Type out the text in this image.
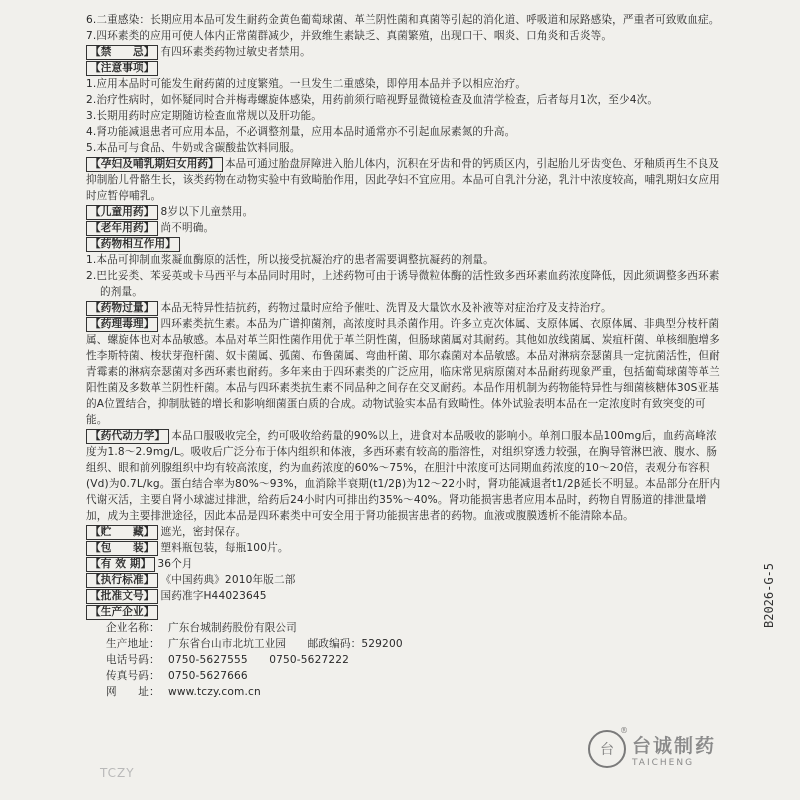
6.二重感染：长期应用本品可发生耐药金黄色葡萄球菌、革兰阴性菌和真菌等引起的消化道、呼吸道和尿路感染，严重者可致败血症。

7.四环素类的应用可使人体内正常菌群减少，并致维生素缺乏、真菌繁殖，出现口干、咽炎、口角炎和舌炎等。

【禁　　忌】 有四环素类药物过敏史者禁用。

【注意事项】

1.应用本品时可能发生耐药菌的过度繁殖。一旦发生二重感染，即停用本品并予以相应治疗。

2.治疗性病时，如怀疑同时合并梅毒螺旋体感染，用药前须行暗视野显微镜检查及血清学检查，后者每月1次，至少4次。

3.长期用药时应定期随访检查血常规以及肝功能。

4.肾功能减退患者可应用本品，不必调整剂量，应用本品时通常亦不引起血尿素氮的升高。

5.本品可与食品、牛奶或含碳酸盐饮料同服。

【孕妇及哺乳期妇女用药】 本品可通过胎盘屏障进入胎儿体内，沉积在牙齿和骨的钙质区内，引起胎儿牙齿变色、牙釉质再生不良及抑制胎儿骨骼生长，该类药物在动物实验中有致畸胎作用，因此孕妇不宜应用。本品可自乳汁分泌，乳汁中浓度较高，哺乳期妇女应用时应暂停哺乳。

【儿童用药】 8岁以下儿童禁用。

【老年用药】 尚不明确。

【药物相互作用】

1.本品可抑制血浆凝血酶原的活性，所以接受抗凝治疗的患者需要调整抗凝药的剂量。

2.巴比妥类、苯妥英或卡马西平与本品同时用时，上述药物可由于诱导微粒体酶的活性致多西环素血药浓度降低，因此须调整多西环素的剂量。

【药物过量】 本品无特异性拮抗药，药物过量时应给予催吐、洗胃及大量饮水及补液等对症治疗及支持治疗。

【药理毒理】 四环素类抗生素。本品为广谱抑菌剂，高浓度时具杀菌作用。许多立克次体属、支原体属、衣原体属、非典型分枝杆菌属、螺旋体也对本品敏感。本品对革兰阳性菌作用优于革兰阴性菌，但肠球菌属对其耐药。其他如放线菌属、炭疽杆菌、单核细胞增多性李斯特菌、梭状芽孢杆菌、奴卡菌属、弧菌、布鲁菌属、弯曲杆菌、耶尔森菌对本品敏感。本品对淋病奈瑟菌具一定抗菌活性，但耐青霉素的淋病奈瑟菌对多西环素也耐药。多年来由于四环素类的广泛应用，临床常见病原菌对本品耐药现象严重，包括葡萄球菌等革兰阳性菌及多数革兰阴性杆菌。本品与四环素类抗生素不同品种之间存在交叉耐药。本品作用机制为药物能特异性与细菌核糖体30S亚基的A位置结合，抑制肽链的增长和影响细菌蛋白质的合成。动物试验实本品有致畸性。体外试验表明本品在一定浓度时有致突变的可能。

【药代动力学】 本品口服吸收完全，约可吸收给药量的90%以上，进食对本品吸收的影响小。单剂口服本品100mg后，血药高峰浓度为1.8～2.9mg/L。吸收后广泛分布于体内组织和体液，多西环素有较高的脂溶性，对组织穿透力较强，在胸导管淋巴液、腹水、肠组织、眼和前列腺组织中均有较高浓度，约为血药浓度的60%～75%，在胆汁中浓度可达同期血药浓度的10～20倍，表观分布容积(Vd)为0.7L/kg。蛋白结合率为80%～93%，血消除半衰期(t1/2β)为12～22小时，肾功能减退者t1/2β延长不明显。本品部分在肝内代谢灭活，主要自肾小球滤过排泄，给药后24小时内可排出约35%～40%。肾功能损害患者应用本品时，药物自胃肠道的排泄量增加，成为主要排泄途径，因此本品是四环素类中可安全用于肾功能损害患者的药物。血液或腹膜透析不能清除本品。

【贮　　藏】 遮光，密封保存。

【包　　装】 塑料瓶包装，每瓶100片。

【有 效 期】 36个月

【执行标准】 《中国药典》2010年版二部

【批准文号】 国药准字H44023645

【生产企业】

企业名称： 广东台城制药股份有限公司
生产地址： 广东省台山市北坑工业园　　邮政编码：529200
电话号码： 0750-5627555　　0750-5627222
传真号码： 0750-5627666
网　　址： www.tczy.com.cn
B2026-G-5
台
®
台诚制药
TAICHENG
TCZY
